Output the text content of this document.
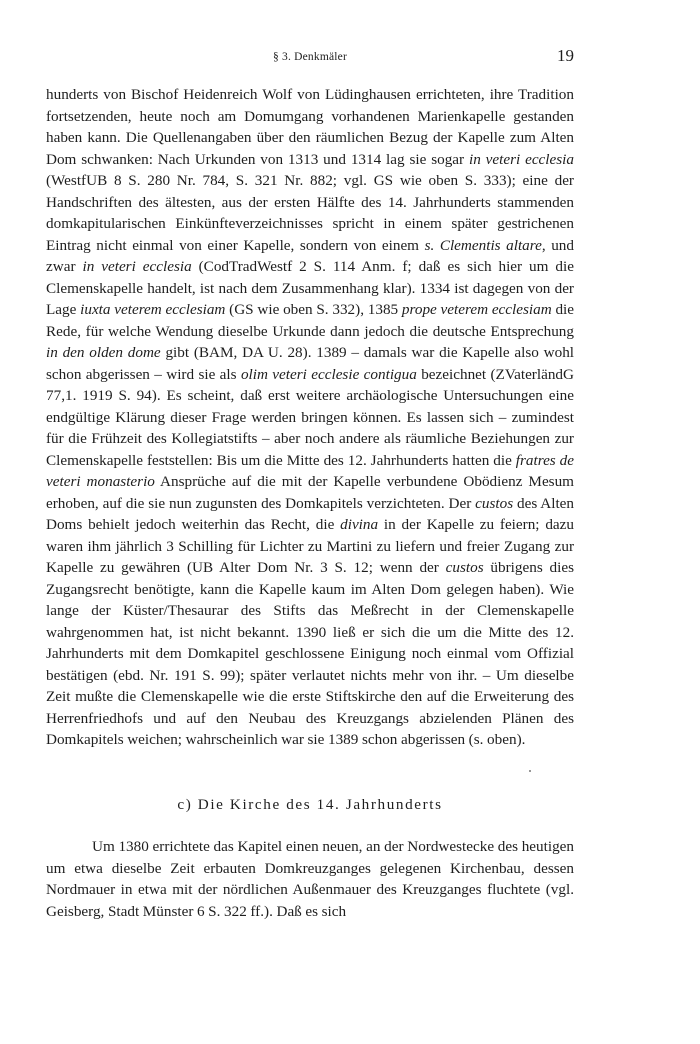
§ 3. Denkmäler	19

hunderts von Bischof Heidenreich Wolf von Lüdinghausen errichteten, ihre Tradition fortsetzenden, heute noch am Domumgang vorhandenen Marienkapelle gestanden haben kann. Die Quellenangaben über den räumlichen Bezug der Kapelle zum Alten Dom schwanken: Nach Urkunden von 1313 und 1314 lag sie sogar in veteri ecclesia (WestfUB 8 S. 280 Nr. 784, S. 321 Nr. 882; vgl. GS wie oben S. 333); eine der Handschriften des ältesten, aus der ersten Hälfte des 14. Jahrhunderts stammenden domkapitularischen Einkünfteverzeichnisses spricht in einem später gestrichenen Eintrag nicht einmal von einer Kapelle, sondern von einem s. Clementis altare, und zwar in veteri ecclesia (CodTradWestf 2 S. 114 Anm. f; daß es sich hier um die Clemenskapelle handelt, ist nach dem Zusammenhang klar). 1334 ist dagegen von der Lage iuxta veterem ecclesiam (GS wie oben S. 332), 1385 prope veterem ecclesiam die Rede, für welche Wendung dieselbe Urkunde dann jedoch die deutsche Entsprechung in den olden dome gibt (BAM, DA U. 28). 1389 – damals war die Kapelle also wohl schon abgerissen – wird sie als olim veteri ecclesie contigua bezeichnet (ZVaterländG 77,1. 1919 S. 94). Es scheint, daß erst weitere archäologische Untersuchungen eine endgültige Klärung dieser Frage werden bringen können. Es lassen sich – zumindest für die Frühzeit des Kollegiatstifts – aber noch andere als räumliche Beziehungen zur Clemenskapelle feststellen: Bis um die Mitte des 12. Jahrhunderts hatten die fratres de veteri monasterio Ansprüche auf die mit der Kapelle verbundene Obödienz Mesum erhoben, auf die sie nun zugunsten des Domkapitels verzichteten. Der custos des Alten Doms behielt jedoch weiterhin das Recht, die divina in der Kapelle zu feiern; dazu waren ihm jährlich 3 Schilling für Lichter zu Martini zu liefern und freier Zugang zur Kapelle zu gewähren (UB Alter Dom Nr. 3 S. 12; wenn der custos übrigens dies Zugangsrecht benötigte, kann die Kapelle kaum im Alten Dom gelegen haben). Wie lange der Küster/Thesaurar des Stifts das Meßrecht in der Clemenskapelle wahrgenommen hat, ist nicht bekannt. 1390 ließ er sich die um die Mitte des 12. Jahrhunderts mit dem Domkapitel geschlossene Einigung noch einmal vom Offizial bestätigen (ebd. Nr. 191 S. 99); später verlautet nichts mehr von ihr. – Um dieselbe Zeit mußte die Clemenskapelle wie die erste Stiftskirche den auf die Erweiterung des Herrenfriedhofs und auf den Neubau des Kreuzgangs abzielenden Plänen des Domkapitels weichen; wahrscheinlich war sie 1389 schon abgerissen (s. oben).

c) Die Kirche des 14. Jahrhunderts

Um 1380 errichtete das Kapitel einen neuen, an der Nordwestecke des heutigen um etwa dieselbe Zeit erbauten Domkreuzganges gelegenen Kirchenbau, dessen Nordmauer in etwa mit der nördlichen Außenmauer des Kreuzganges fluchtete (vgl. Geisberg, Stadt Münster 6 S. 322 ff.). Daß es sich
